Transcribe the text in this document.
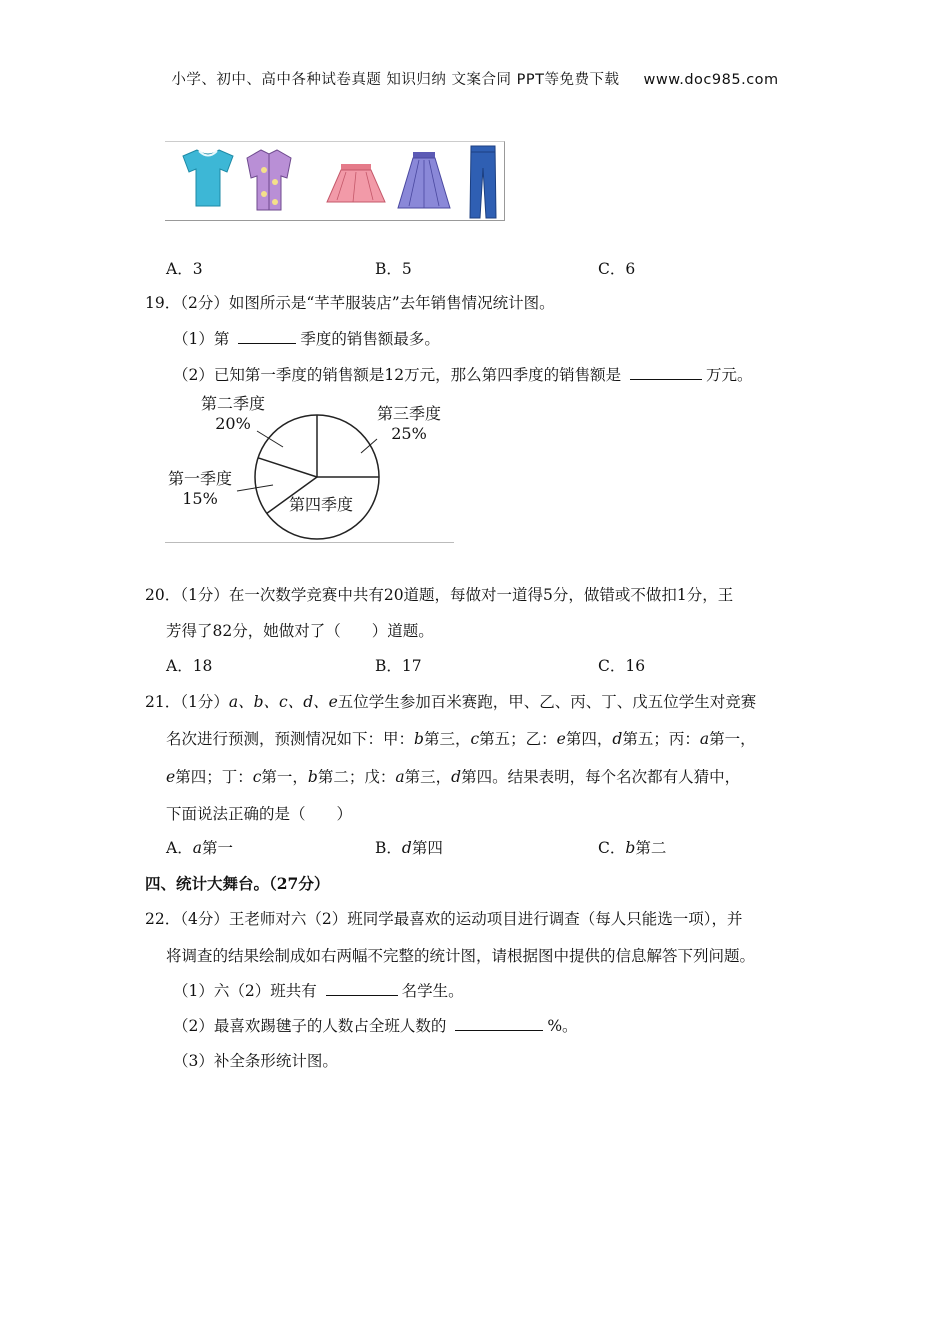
小学、初中、高中各种试卷真题 知识归纳 文案合同 PPT等免费下载 www.doc985.com
A．3	B．5	C．6
19．（2分）如图所示是“芊芊服装店”去年销售情况统计图。
（1）第	季度的销售额最多。
（2）已知第一季度的销售额是12万元，那么第四季度的销售额是	万元。
第二季度
20%
第三季度
25%
第一季度
15%	第四季度
20．（1分）在一次数学竞赛中共有20道题，每做对一道得5分，做错或不做扣1分，王
芳得了82分，她做对了（　　）道题。
A．18	B．17	C．16
21．（1分）a、b、c、d、e五位学生参加百米赛跑，甲、乙、丙、丁、戊五位学生对竞赛
名次进行预测，预测情况如下：甲：b第三，c第五；乙：e第四，d第五；丙：a第一，
e第四；丁：c第一，b第二；戊：a第三，d第四。结果表明，每个名次都有人猜中，
下面说法正确的是（　　）
A．a第一	B．d第四	C．b第二
四、统计大舞台。（27分）
22．（4分）王老师对六（2）班同学最喜欢的运动项目进行调查（每人只能选一项），并
将调查的结果绘制成如右两幅不完整的统计图，请根据图中提供的信息解答下列问题。
（1）六（2）班共有	名学生。
（2）最喜欢踢毽子的人数占全班人数的	%。
（3）补全条形统计图。
